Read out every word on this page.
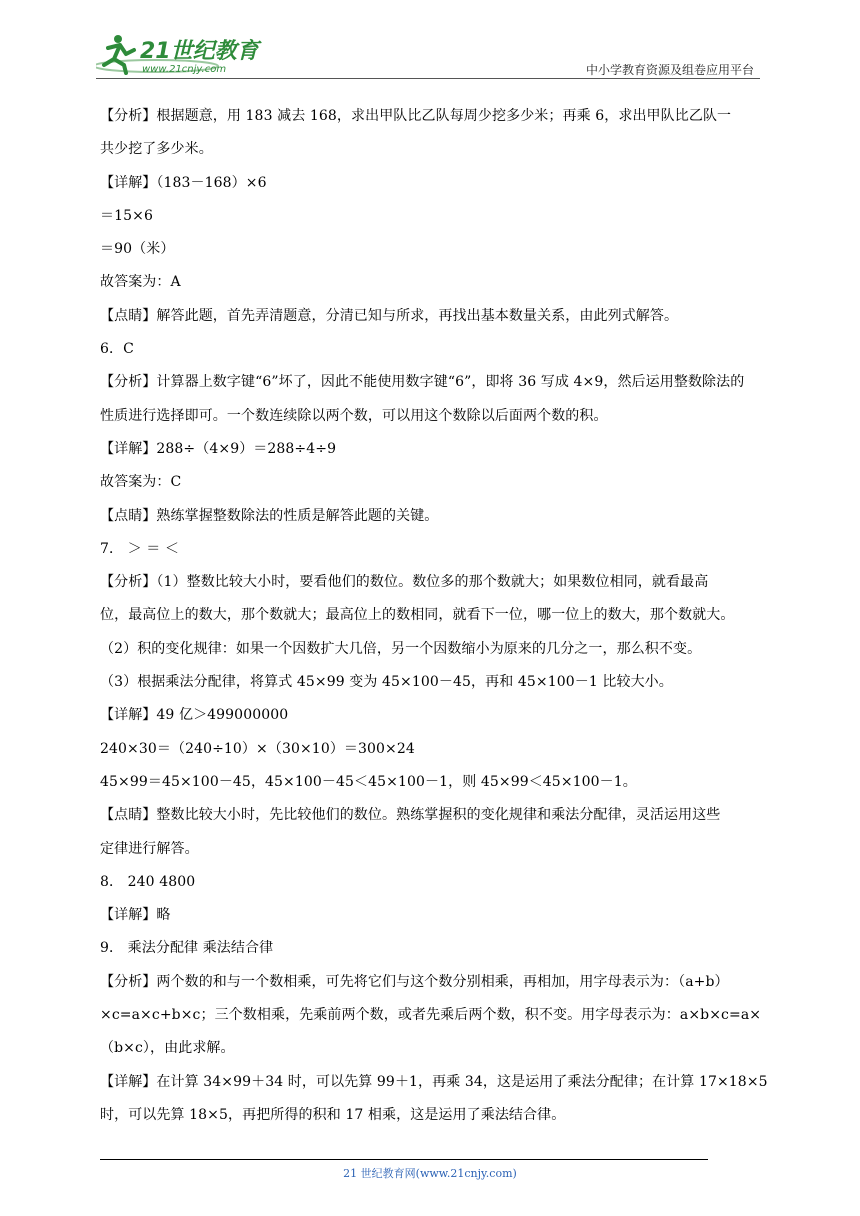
21世纪教育
www.21cnjy.com	中小学教育资源及组卷应用平台
【分析】根据题意，用 183 减去 168，求出甲队比乙队每周少挖多少米；再乘 6，求出甲队比乙队一
共少挖了多少米。
【详解】（183－168）×6
＝15×6
＝90（米）
故答案为：A
【点睛】解答此题，首先弄清题意，分清已知与所求，再找出基本数量关系，由此列式解答。
6．C
【分析】计算器上数字键“6”坏了，因此不能使用数字键“6”，即将 36 写成 4×9，然后运用整数除法的
性质进行选择即可。一个数连续除以两个数，可以用这个数除以后面两个数的积。
【详解】288÷（4×9）＝288÷4÷9
故答案为：C
【点睛】熟练掌握整数除法的性质是解答此题的关键。
7． ＞ ＝ ＜
【分析】（1）整数比较大小时，要看他们的数位。数位多的那个数就大；如果数位相同，就看最高
位，最高位上的数大，那个数就大；最高位上的数相同，就看下一位，哪一位上的数大，那个数就大。
（2）积的变化规律：如果一个因数扩大几倍，另一个因数缩小为原来的几分之一，那么积不变。
（3）根据乘法分配律，将算式 45×99 变为 45×100－45，再和 45×100－1 比较大小。
【详解】49 亿＞499000000
240×30＝（240÷10）×（30×10）＝300×24
45×99＝45×100－45，45×100－45＜45×100－1，则 45×99＜45×100－1。
【点睛】整数比较大小时，先比较他们的数位。熟练掌握积的变化规律和乘法分配律，灵活运用这些
定律进行解答。
8． 240 4800
【详解】略
9． 乘法分配律 乘法结合律
【分析】两个数的和与一个数相乘，可先将它们与这个数分别相乘，再相加，用字母表示为：（a+b）
×c=a×c+b×c；三个数相乘，先乘前两个数，或者先乘后两个数，积不变。用字母表示为：a×b×c=a×
（b×c），由此求解。
【详解】在计算 34×99＋34 时，可以先算 99＋1，再乘 34，这是运用了乘法分配律；在计算 17×18×5
时，可以先算 18×5，再把所得的积和 17 相乘，这是运用了乘法结合律。
21 世纪教育网(www.21cnjy.com)
